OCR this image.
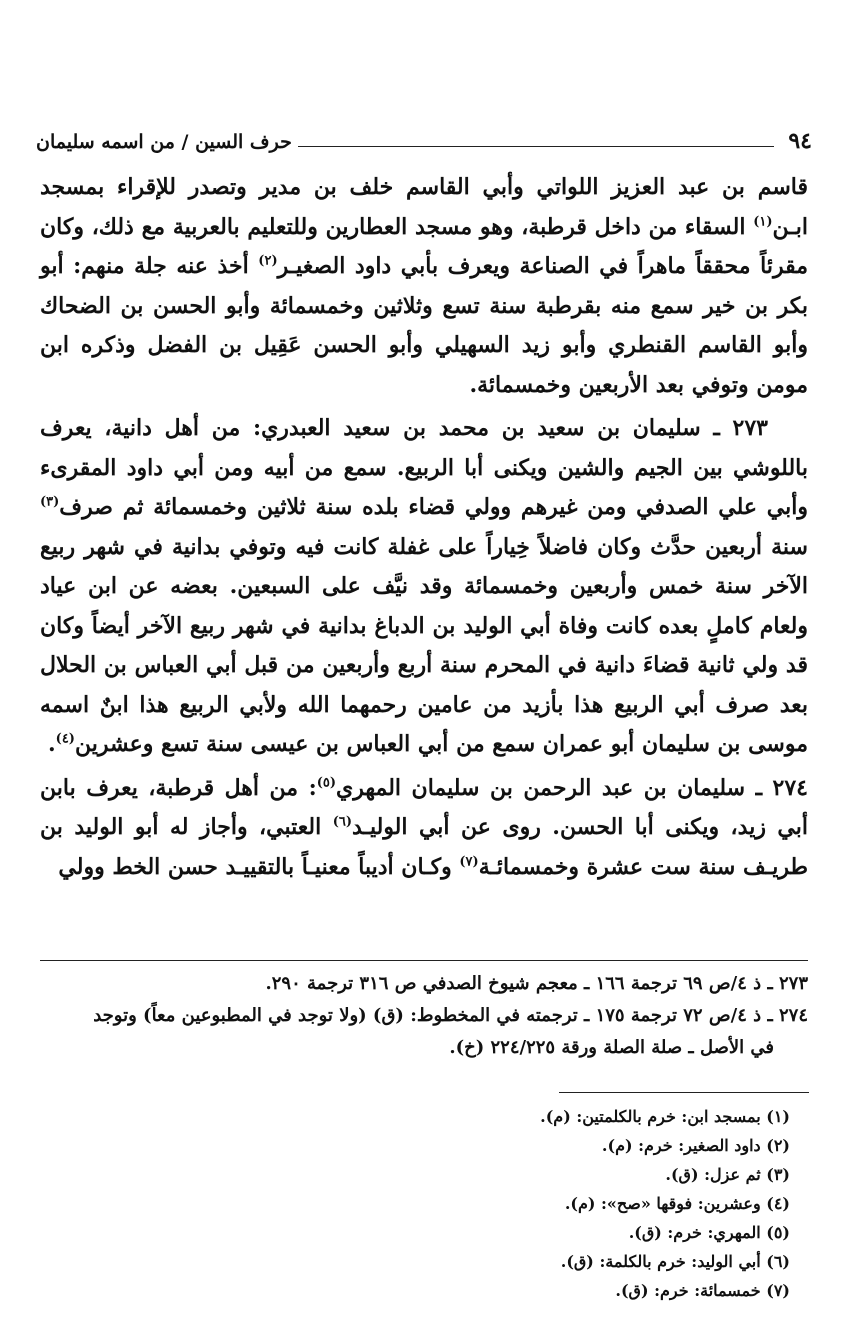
٩٤
حرف السين / من اسمه سليمان

قاسم بن عبد العزيز اللواتي وأبي القاسم خلف بن مدير وتصدر للإقراء بمسجد ابـن$^{(١)}$ السقاء من داخل قرطبة، وهو مسجد العطارين وللتعليم بالعربية مع ذلك، وكان مقرئاً محققاً ماهراً في الصناعة ويعرف بأبي داود الصغيـر$^{(٢)}$ أخذ عنه جلة منهم: أبو بكر بن خير سمع منه بقرطبة سنة تسع وثلاثين وخمسمائة وأبو الحسن بن الضحاك وأبو القاسم القنطري وأبو زيد السهيلي وأبو الحسن عَقِيل بن الفضل وذكره ابن مومن وتوفي بعد الأربعين وخمسمائة.

٢٧٣ ـ سليمان بن سعيد بن محمد بن سعيد العبدري: من أهل دانية، يعرف باللوشي بين الجيم والشين ويكنى أبا الربيع. سمع من أبيه ومن أبي داود المقرىء وأبي علي الصدفي ومن غيرهم وولي قضاء بلده سنة ثلاثين وخمسمائة ثم صرف$^{(٣)}$ سنة أربعين حدَّث وكان فاضلاً خِياراً على غفلة كانت فيه وتوفي بدانية في شهر ربيع الآخر سنة خمس وأربعين وخمسمائة وقد نيَّف على السبعين. بعضه عن ابن عياد ولعام كاملٍ بعده كانت وفاة أبي الوليد بن الدباغ بدانية في شهر ربيع الآخر أيضاً وكان قد ولي ثانية قضاءَ دانية في المحرم سنة أربع وأربعين من قبل أبي العباس بن الحلال بعد صرف أبي الربيع هذا بأزيد من عامين رحمهما الله ولأبي الربيع هذا ابنٌ اسمه موسى بن سليمان أبو عمران سمع من أبي العباس بن عيسى سنة تسع وعشرين$^{(٤)}$.

٢٧٤ ـ سليمان بن عبد الرحمن بن سليمان المهري$^{(٥)}$: من أهل قرطبة، يعرف بابن أبي زيد، ويكنى أبا الحسن. روى عن أبي الوليـد$^{(٦)}$ العتبي، وأجاز له أبو الوليد بن طريـف سنة ست عشرة وخمسمائـة$^{(٧)}$ وكـان أديباً معنيـاً بالتقييـد حسن الخط وولي

٢٧٣ ـ ذ ٤/ص ٦٩ ترجمة ١٦٦ ـ معجم شيوخ الصدفي ص ٣١٦ ترجمة ٢٩٠.

٢٧٤ ـ ذ ٤/ص ٧٢ ترجمة ١٧٥ ـ ترجمته في المخطوط: (ق) (ولا توجد في المطبوعين معاً) وتوجد

في الأصل ـ صلة الصلة ورقة ٢٢٤/٢٢٥ (خ).

(١) بمسجد ابن: خرم بالكلمتين: (م).

(٢) داود الصغير: خرم: (م).

(٣) ثم عزل: (ق).

(٤) وعشرين: فوقها «صح»: (م).

(٥) المهري: خرم: (ق).

(٦) أبي الوليد: خرم بالكلمة: (ق).

(٧) خمسمائة: خرم: (ق).
